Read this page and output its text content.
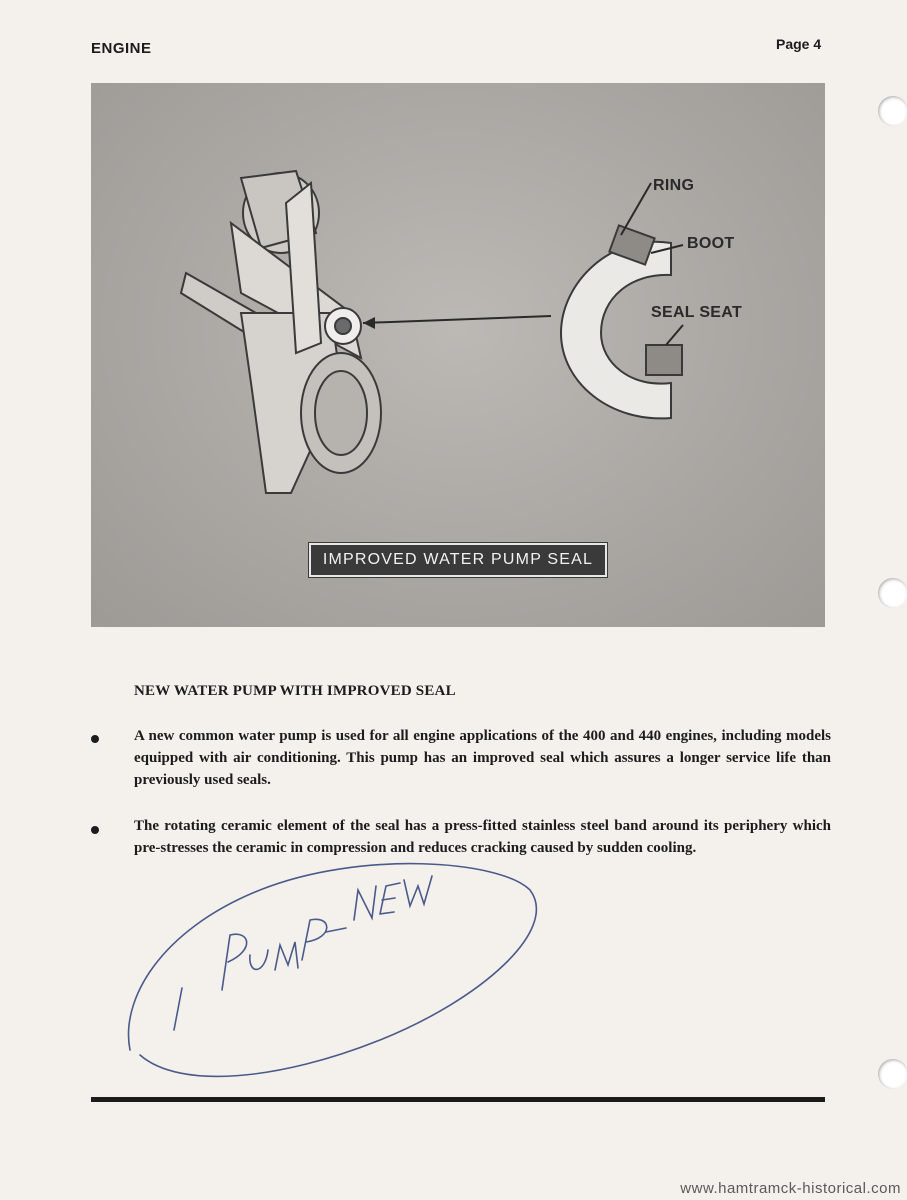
ENGINE	Page 4
RING
BOOT
SEAL SEAT
IMPROVED WATER PUMP SEAL
NEW WATER PUMP WITH IMPROVED SEAL
A new common water pump is used for all engine applications of the 400 and 440 engines, including models equipped with air conditioning. This pump has an improved seal which assures a longer service life than previously used seals.
The rotating ceramic element of the seal has a press-fitted stainless steel band around its periphery which pre-stresses the ceramic in compression and reduces cracking caused by sudden cooling.
www.hamtramck-historical.com
